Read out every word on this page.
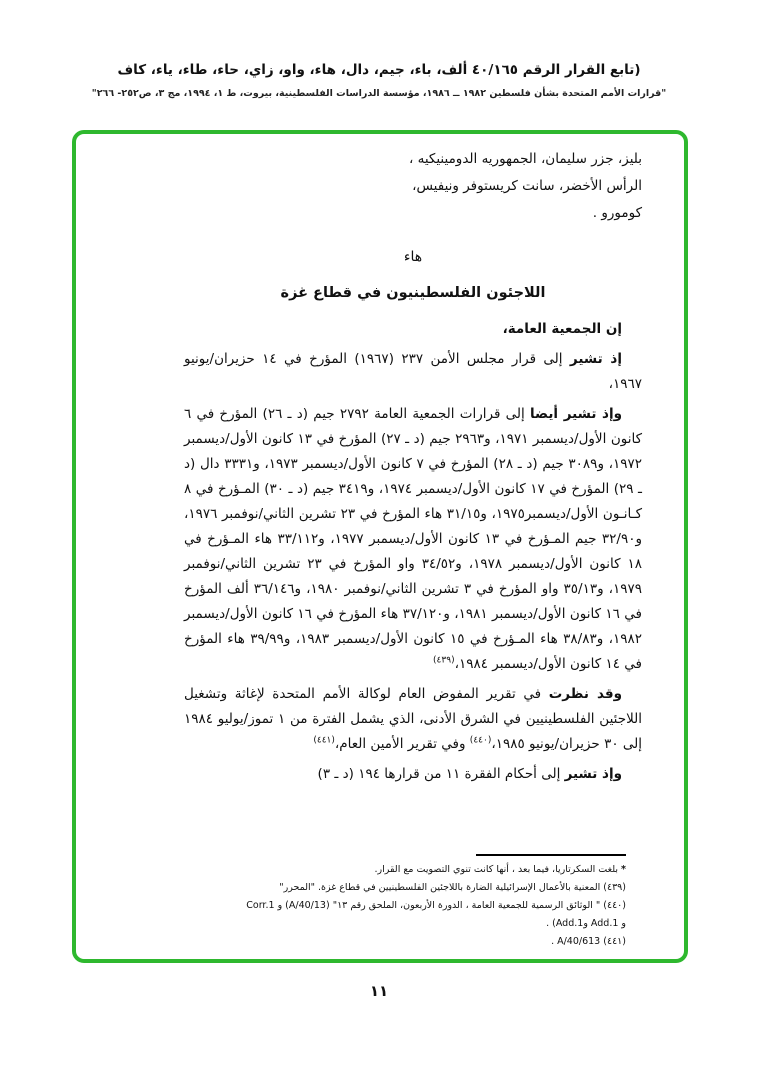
(تابع القرار الرقم ٤٠/١٦٥ ألف، باء، جيم، دال، هاء، واو، زاي، حاء، طاء، ياء، كاف
"قرارات الأمم المتحدة بشأن فلسطين ١٩٨٢ ــ ١٩٨٦، مؤسسة الدراسات الفلسطينية، بيروت، ط ١، ١٩٩٤، مج ٣، ص٢٥٢- ٢٦٦"
بليز، جزر سليمان، الجمهوريه الدومينيكيه ، الرأس الأخضر، سانت كريستوفر ونيفيس، كومورو .
هاء
اللاجئون الفلسطينيون في قطاع غزة

إن الجمعية العامة،

إذ تشير إلى قرار مجلس الأمن ٢٣٧ (١٩٦٧) المؤرخ في ١٤ حزيران/يونيو ١٩٦٧،

وإذ تشير أيضا إلى قرارات الجمعية العامة ٢٧٩٢ جيم (د ـ ٢٦) المؤرخ في ٦ كانون الأول/ديسمبر ١٩٧١، و٢٩٦٣ جيم (د ـ ٢٧) المؤرخ في ١٣ كانون الأول/ديسمبر ١٩٧٢، و٣٠٨٩ جيم (د ـ ٢٨) المؤرخ في ٧ كانون الأول/ديسمبر ١٩٧٣، و٣٣٣١ دال (د ـ ٢٩) المؤرخ في ١٧ كانون الأول/ديسمبر ١٩٧٤، و٣٤١٩ جيم (د ـ ٣٠) المـؤرخ في ٨ كـانـون الأول/ديسمبر١٩٧٥، و٣١/١٥ هاء المؤرخ في ٢٣ تشرين الثاني/نوفمبر ١٩٧٦، و٣٢/٩٠ جيم المـؤرخ في ١٣ كانون الأول/ديسمبر ١٩٧٧، و٣٣/١١٢ هاء المـؤرخ في ١٨ كانون الأول/ديسمبر ١٩٧٨، و٣٤/٥٢ واو المؤرخ في ٢٣ تشرين الثاني/نوفمبر ١٩٧٩، و٣٥/١٣ واو المؤرخ في ٣ تشرين الثاني/نوفمبر ١٩٨٠، و٣٦/١٤٦ ألف المؤرخ في ١٦ كانون الأول/ديسمبر ١٩٨١، و٣٧/١٢٠ هاء المؤرخ في ١٦ كانون الأول/ديسمبر ١٩٨٢، و٣٨/٨٣ هاء المـؤرخ في ١٥ كانون الأول/ديسمبر ١٩٨٣، و٣٩/٩٩ هاء المؤرخ في ١٤ كانون الأول/ديسمبر ١٩٨٤،$^{(٤٣٩)}$

وقد نظرت في تقرير المفوض العام لوكالة الأمم المتحدة لإغاثة وتشغيل اللاجئين الفلسطينيين في الشرق الأدنى، الذي يشمل الفترة من ١ تموز/يوليو ١٩٨٤ إلى ٣٠ حزيران/يونيو ١٩٨٥،$^{(٤٤٠)}$ وفي تقرير الأمين العام،$^{(٤٤١)}$

وإذ تشير إلى أحكام الفقرة ١١ من قرارها ١٩٤ (د ـ ٣)

* بلغت السكرتاريا، فيما بعد ، أنها كانت تنوي التصويت مع القرار.
(٤٣٩) المعنية بالأعمال الإسرائيلية الضارة باللاجئين الفلسطينيين في قطاع غزة. "المحرر"
(٤٤٠) " الوثائق الرسمية للجمعية العامة ، الدورة الأربعون، الملحق رقم ١٣" (A/40/13) و Corr.1 و Add.1 وAdd.1) .
(٤٤١) A/40/613 .
١١
